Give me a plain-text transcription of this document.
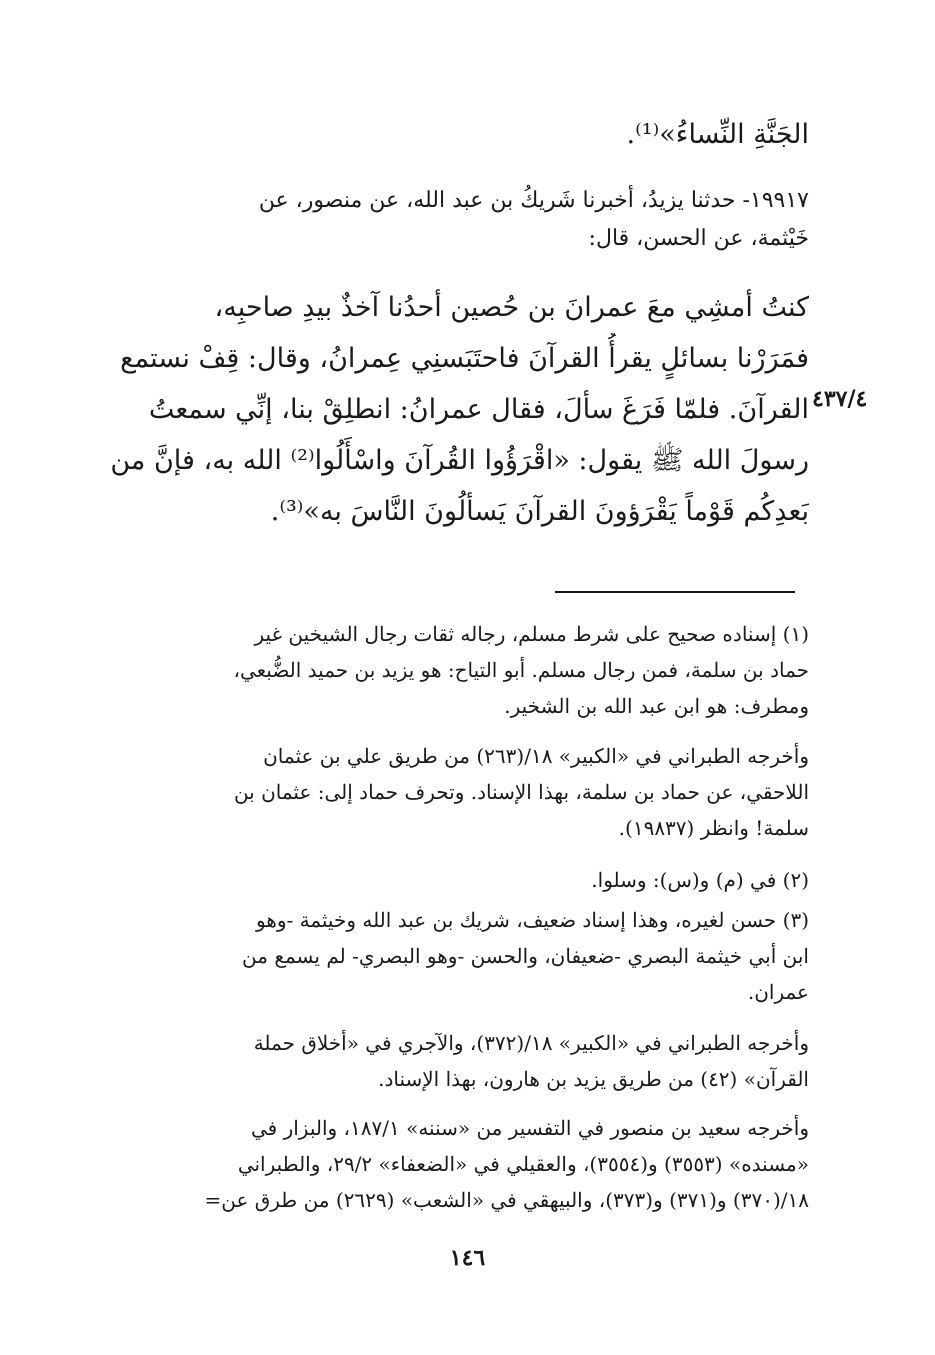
الجَنَّةِ النِّساءُ»⁽¹⁾.
١٩٩١٧- حدثنا يزيدُ، أخبرنا شَريكُ بن عبد الله، عن منصور، عن
خَيْثمة، عن الحسن، قال:
كنتُ أمشِي معَ عمرانَ بن حُصين أحدُنا آخذٌ بيدِ صاحبِه،
فمَرَرْنا بسائلٍ يقرأُ القرآنَ فاحتَبَسنِي عِمرانُ، وقال: قِفْ نستمع
القرآنَ. فلمّا فَرَغَ سألَ، فقال عمرانُ: انطلِقْ بنا، إنِّي سمعتُ
رسولَ الله ﷺ يقول: «اقْرَؤُوا القُرآنَ واسْأَلُوا⁽²⁾ الله به، فإنَّ من
بَعدِكُم قَوْماً يَقْرَؤونَ القرآنَ يَسألُونَ النَّاسَ به»⁽³⁾.
٤٣٧/٤
(١) إسناده صحيح على شرط مسلم، رجاله ثقات رجال الشيخين غير
حماد بن سلمة، فمن رجال مسلم. أبو التياح: هو يزيد بن حميد الضُّبعي،
ومطرف: هو ابن عبد الله بن الشخير.
وأخرجه الطبراني في «الكبير» ١٨/(٢٦٣) من طريق علي بن عثمان
اللاحقي، عن حماد بن سلمة، بهذا الإسناد. وتحرف حماد إلى: عثمان بن
سلمة! وانظر (١٩٨٣٧).
(٢) في (م) و(س): وسلوا.
(٣) حسن لغيره، وهذا إسناد ضعيف، شريك بن عبد الله وخيثمة -وهو
ابن أبي خيثمة البصري -ضعيفان، والحسن -وهو البصري- لم يسمع من
عمران.
وأخرجه الطبراني في «الكبير» ١٨/(٣٧٢)، والآجري في «أخلاق حملة
القرآن» (٤٢) من طريق يزيد بن هارون، بهذا الإسناد.
وأخرجه سعيد بن منصور في التفسير من «سننه» ١٨٧/١، والبزار في
«مسنده» (٣٥٥٣) و(٣٥٥٤)، والعقيلي في «الضعفاء» ٢٩/٢، والطبراني
١٨/(٣٧٠) و(٣٧١) و(٣٧٣)، والبيهقي في «الشعب» (٢٦٢٩) من طرق عن=
١٤٦
